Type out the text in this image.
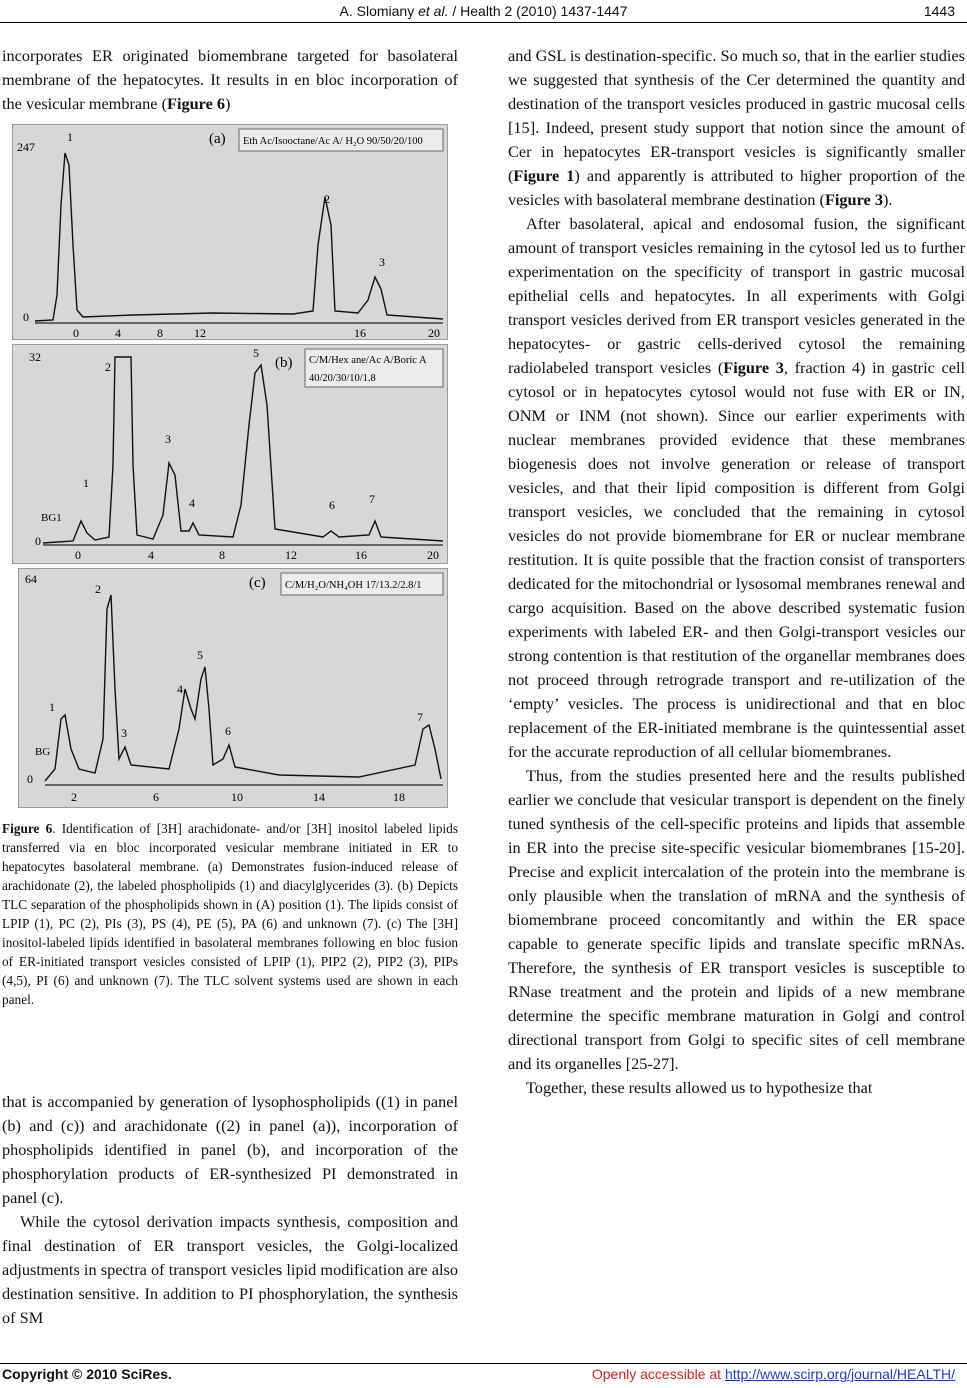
A. Slomiany et al. / Health 2 (2010) 1437-1447	1443

incorporates ER originated biomembrane targeted for basolateral membrane of the hepatocytes. It results in en bloc incorporation of the vesicular membrane (Figure 6)

247
0
0	4	8	12	16	20
1
2
3
(a) Eth Ac/Isooctane/Ac A/ H₂O 90/50/20/100
32
0
BG1
0	4	8	12	16	20
1
2
3
4
5
6	7
(b) C/M/Hex ane/Ac A/Boric A
40/20/30/10/1.8
64
0
BG
2	6	10	14	18
1
2
3
4
5
6
7
(c) C/M/H₂O/NH₄OH 17/13.2/2.8/1
Figure 6. Identification of [3H] arachidonate- and/or [3H] inositol labeled lipids transferred via en bloc incorporated vesicular membrane initiated in ER to hepatocytes basolateral membrane. (a) Demonstrates fusion-induced release of arachidonate (2), the labeled phospholipids (1) and diacylglycerides (3). (b) Depicts TLC separation of the phospholipids shown in (A) position (1). The lipids consist of LPIP (1), PC (2), PIs (3), PS (4), PE (5), PA (6) and unknown (7). (c) The [3H] inositol-labeled lipids identified in basolateral membranes following en bloc fusion of ER-initiated transport vesicles consisted of LPIP (1), PIP2 (2), PIP2 (3), PIPs (4,5), PI (6) and unknown (7). The TLC solvent systems used are shown in each panel.

that is accompanied by generation of lysophospholipids ((1) in panel (b) and (c)) and arachidonate ((2) in panel (a)), incorporation of phospholipids identified in panel (b), and incorporation of the phosphorylation products of ER-synthesized PI demonstrated in panel (c).

While the cytosol derivation impacts synthesis, composition and final destination of ER transport vesicles, the Golgi-localized adjustments in spectra of transport vesicles lipid modification are also destination sensitive. In addition to PI phosphorylation, the synthesis of SM

and GSL is destination-specific. So much so, that in the earlier studies we suggested that synthesis of the Cer determined the quantity and destination of the transport vesicles produced in gastric mucosal cells [15]. Indeed, present study support that notion since the amount of Cer in hepatocytes ER-transport vesicles is significantly smaller (Figure 1) and apparently is attributed to higher proportion of the vesicles with basolateral membrane destination (Figure 3).

After basolateral, apical and endosomal fusion, the significant amount of transport vesicles remaining in the cytosol led us to further experimentation on the specificity of transport in gastric mucosal epithelial cells and hepatocytes. In all experiments with Golgi transport vesicles derived from ER transport vesicles generated in the hepatocytes- or gastric cells-derived cytosol the remaining radiolabeled transport vesicles (Figure 3, fraction 4) in gastric cell cytosol or in hepatocytes cytosol would not fuse with ER or IN, ONM or INM (not shown). Since our earlier experiments with nuclear membranes provided evidence that these membranes biogenesis does not involve generation or release of transport vesicles, and that their lipid composition is different from Golgi transport vesicles, we concluded that the remaining in cytosol vesicles do not provide biomembrane for ER or nuclear membrane restitution. It is quite possible that the fraction consist of transporters dedicated for the mitochondrial or lysosomal membranes renewal and cargo acquisition. Based on the above described systematic fusion experiments with labeled ER- and then Golgi-transport vesicles our strong contention is that restitution of the organellar membranes does not proceed through retrograde transport and re-utilization of the ‘empty’ vesicles. The process is unidirectional and that en bloc replacement of the ER-initiated membrane is the quintessential asset for the accurate reproduction of all cellular biomembranes.

Thus, from the studies presented here and the results published earlier we conclude that vesicular transport is dependent on the finely tuned synthesis of the cell-specific proteins and lipids that assemble in ER into the precise site-specific vesicular biomembranes [15-20]. Precise and explicit intercalation of the protein into the membrane is only plausible when the translation of mRNA and the synthesis of biomembrane proceed concomitantly and within the ER space capable to generate specific lipids and translate specific mRNAs. Therefore, the synthesis of ER transport vesicles is susceptible to RNase treatment and the protein and lipids of a new membrane determine the specific membrane maturation in Golgi and control directional transport from Golgi to specific sites of cell membrane and its organelles [25-27].

Together, these results allowed us to hypothesize that

Copyright © 2010 SciRes.	Openly accessible at http://www.scirp.org/journal/HEALTH/
